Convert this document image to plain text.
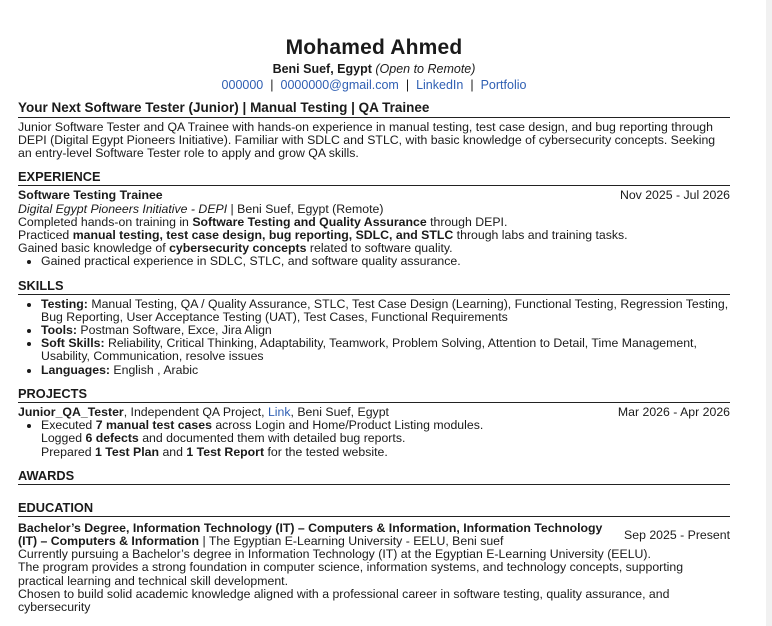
Mohamed Ahmed
Beni Suef, Egypt (Open to Remote)
000000 | 0000000@gmail.com | LinkedIn | Portfolio
Your Next Software Tester (Junior) | Manual Testing | QA Trainee

Junior Software Tester and QA Trainee with hands-on experience in manual testing, test case design, and bug reporting through DEPI (Digital Egypt Pioneers Initiative). Familiar with SDLC and STLC, with basic knowledge of cybersecurity concepts. Seeking an entry-level Software Tester role to apply and grow QA skills.

EXPERIENCE
Software Testing Trainee	Nov 2025 - Jul 2026
Digital Egypt Pioneers Initiative - DEPI | Beni Suef, Egypt (Remote)
Completed hands-on training in Software Testing and Quality Assurance through DEPI.
Practiced manual testing, test case design, bug reporting, SDLC, and STLC through labs and training tasks.
Gained basic knowledge of cybersecurity concepts related to software quality.
• Gained practical experience in SDLC, STLC, and software quality assurance.
SKILLS
• Testing: Manual Testing, QA / Quality Assurance, STLC, Test Case Design (Learning), Functional Testing, Regression Testing, Bug Reporting, User Acceptance Testing (UAT), Test Cases, Functional Requirements
• Tools: Postman Software, Exce, Jira Align
• Soft Skills: Reliability, Critical Thinking, Adaptability, Teamwork, Problem Solving, Attention to Detail, Time Management, Usability, Communication, resolve issues
• Languages: English , Arabic
PROJECTS
Junior_QA_Tester, Independent QA Project, Link, Beni Suef, Egypt	Mar 2026 - Apr 2026
• Executed 7 manual test cases across Login and Home/Product Listing modules.
Logged 6 defects and documented them with detailed bug reports.
Prepared 1 Test Plan and 1 Test Report for the tested website.
AWARDS
EDUCATION
Bachelor’s Degree, Information Technology (IT) – Computers & Information, Information Technology (IT) – Computers & Information | The Egyptian E-Learning University - EELU, Beni suef	Sep 2025 - Present
Currently pursuing a Bachelor’s degree in Information Technology (IT) at the Egyptian E-Learning University (EELU).
The program provides a strong foundation in computer science, information systems, and technology concepts, supporting practical learning and technical skill development.
Chosen to build solid academic knowledge aligned with a professional career in software testing, quality assurance, and cybersecurity
